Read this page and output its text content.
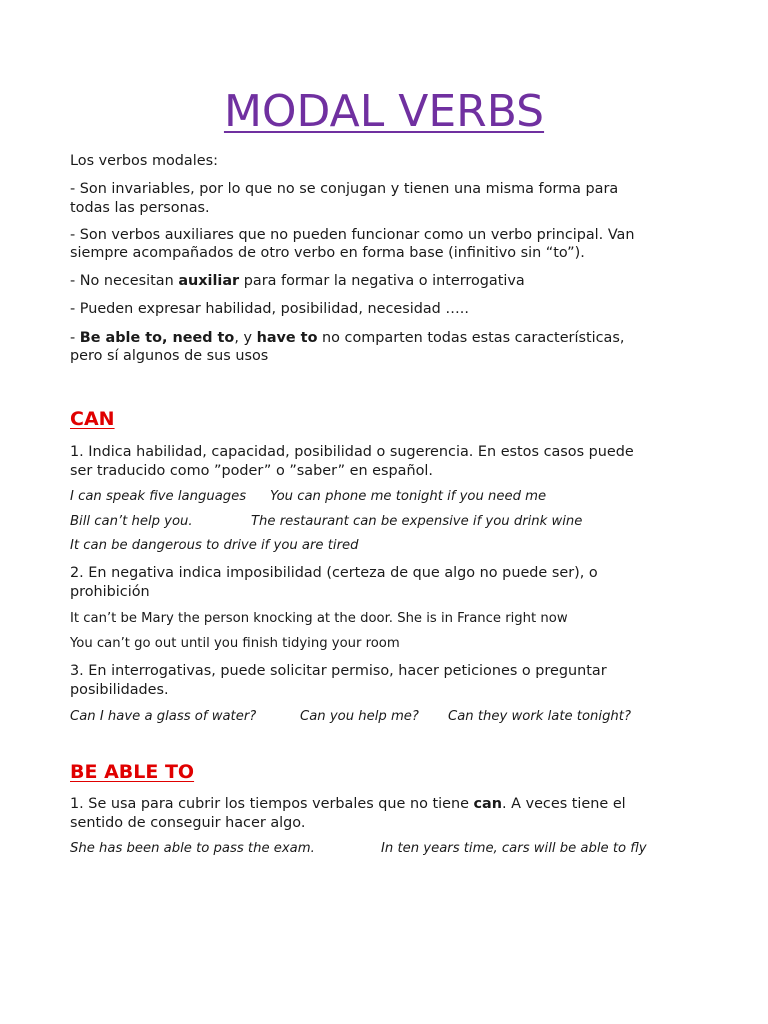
MODAL VERBS
Los verbos modales:
- Son invariables, por lo que no se conjugan y tienen una misma forma para
todas las personas.
- Son verbos auxiliares que no pueden funcionar como un verbo principal. Van
siempre acompañados de otro verbo en forma base (infinitivo sin “to”).
- No necesitan auxiliar para formar la negativa o interrogativa
- Pueden expresar habilidad, posibilidad, necesidad …..
- Be able to, need to, y have to no comparten todas estas características,
pero sí algunos de sus usos
CAN
1. Indica habilidad, capacidad, posibilidad o sugerencia. En estos casos puede
ser traducido como ”poder” o ”saber” en español.
I can speak five languages You can phone me tonight if you need me
Bill can’t help you.	The restaurant can be expensive if you drink wine
It can be dangerous to drive if you are tired
2. En negativa indica imposibilidad (certeza de que algo no puede ser), o
prohibición
It can’t be Mary the person knocking at the door. She is in France right now
You can’t go out until you finish tidying your room
3. En interrogativas, puede solicitar permiso, hacer peticiones o preguntar
posibilidades.
Can I have a glass of water?	Can you help me? Can they work late tonight?
BE ABLE TO
1. Se usa para cubrir los tiempos verbales que no tiene can. A veces tiene el
sentido de conseguir hacer algo.
She has been able to pass the exam.	In ten years time, cars will be able to fly
